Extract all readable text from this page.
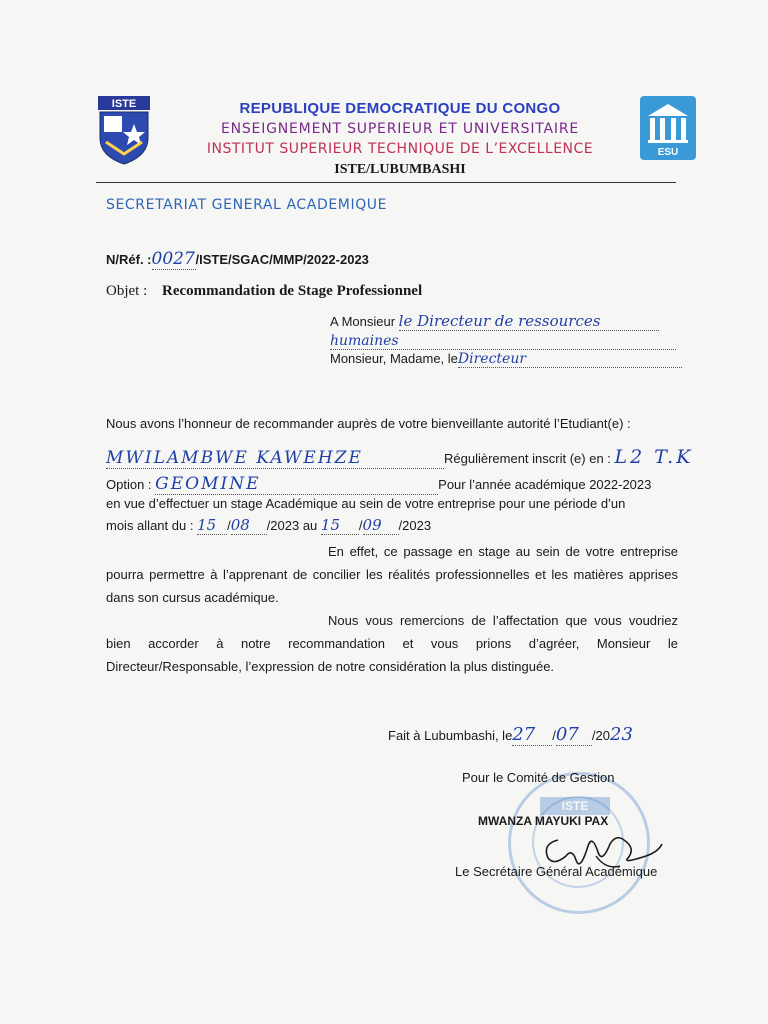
ISTE
ESU
REPUBLIQUE DEMOCRATIQUE DU CONGO
ENSEIGNEMENT SUPERIEUR ET UNIVERSITAIRE
INSTITUT SUPERIEUR TECHNIQUE DE L’EXCELLENCE
ISTE/LUBUMBASHI
SECRETARIAT GENERAL ACADEMIQUE
N/Réf. :0027/ISTE/SGAC/MMP/2022-2023
Objet : Recommandation de Stage Professionnel
A Monsieur le Directeur de ressources
humaines
Monsieur, Madame, leDirecteur
Nous avons l’honneur de recommander auprès de votre bienveillante autorité l’Etudiant(e) :
MWILAMBWE KAWEHZE	Régulièrement inscrit (e) en : L2 T.K
Option : GEOMINE	Pour l’année académique 2022-2023
en vue d’effectuer un stage Académique au sein de votre entreprise pour une période d’un
mois allant du : 15 /08 /2023 au 15 /09 /2023
En effet, ce passage en stage au sein de votre entreprise pourra permettre à l’apprenant de concilier les réalités professionnelles et les matières apprises dans son cursus académique.
Nous vous remercions de l’affectation que vous voudriez bien accorder à notre recommandation et vous prions d’agréer, Monsieur le Directeur/Responsable, l’expression de notre considération la plus distinguée.
Fait à Lubumbashi, le27 /07 /2023
ISTE
Pour le Comité de Gestion
MWANZA MAYUKI PAX
Le Secrétaire Général Académique
